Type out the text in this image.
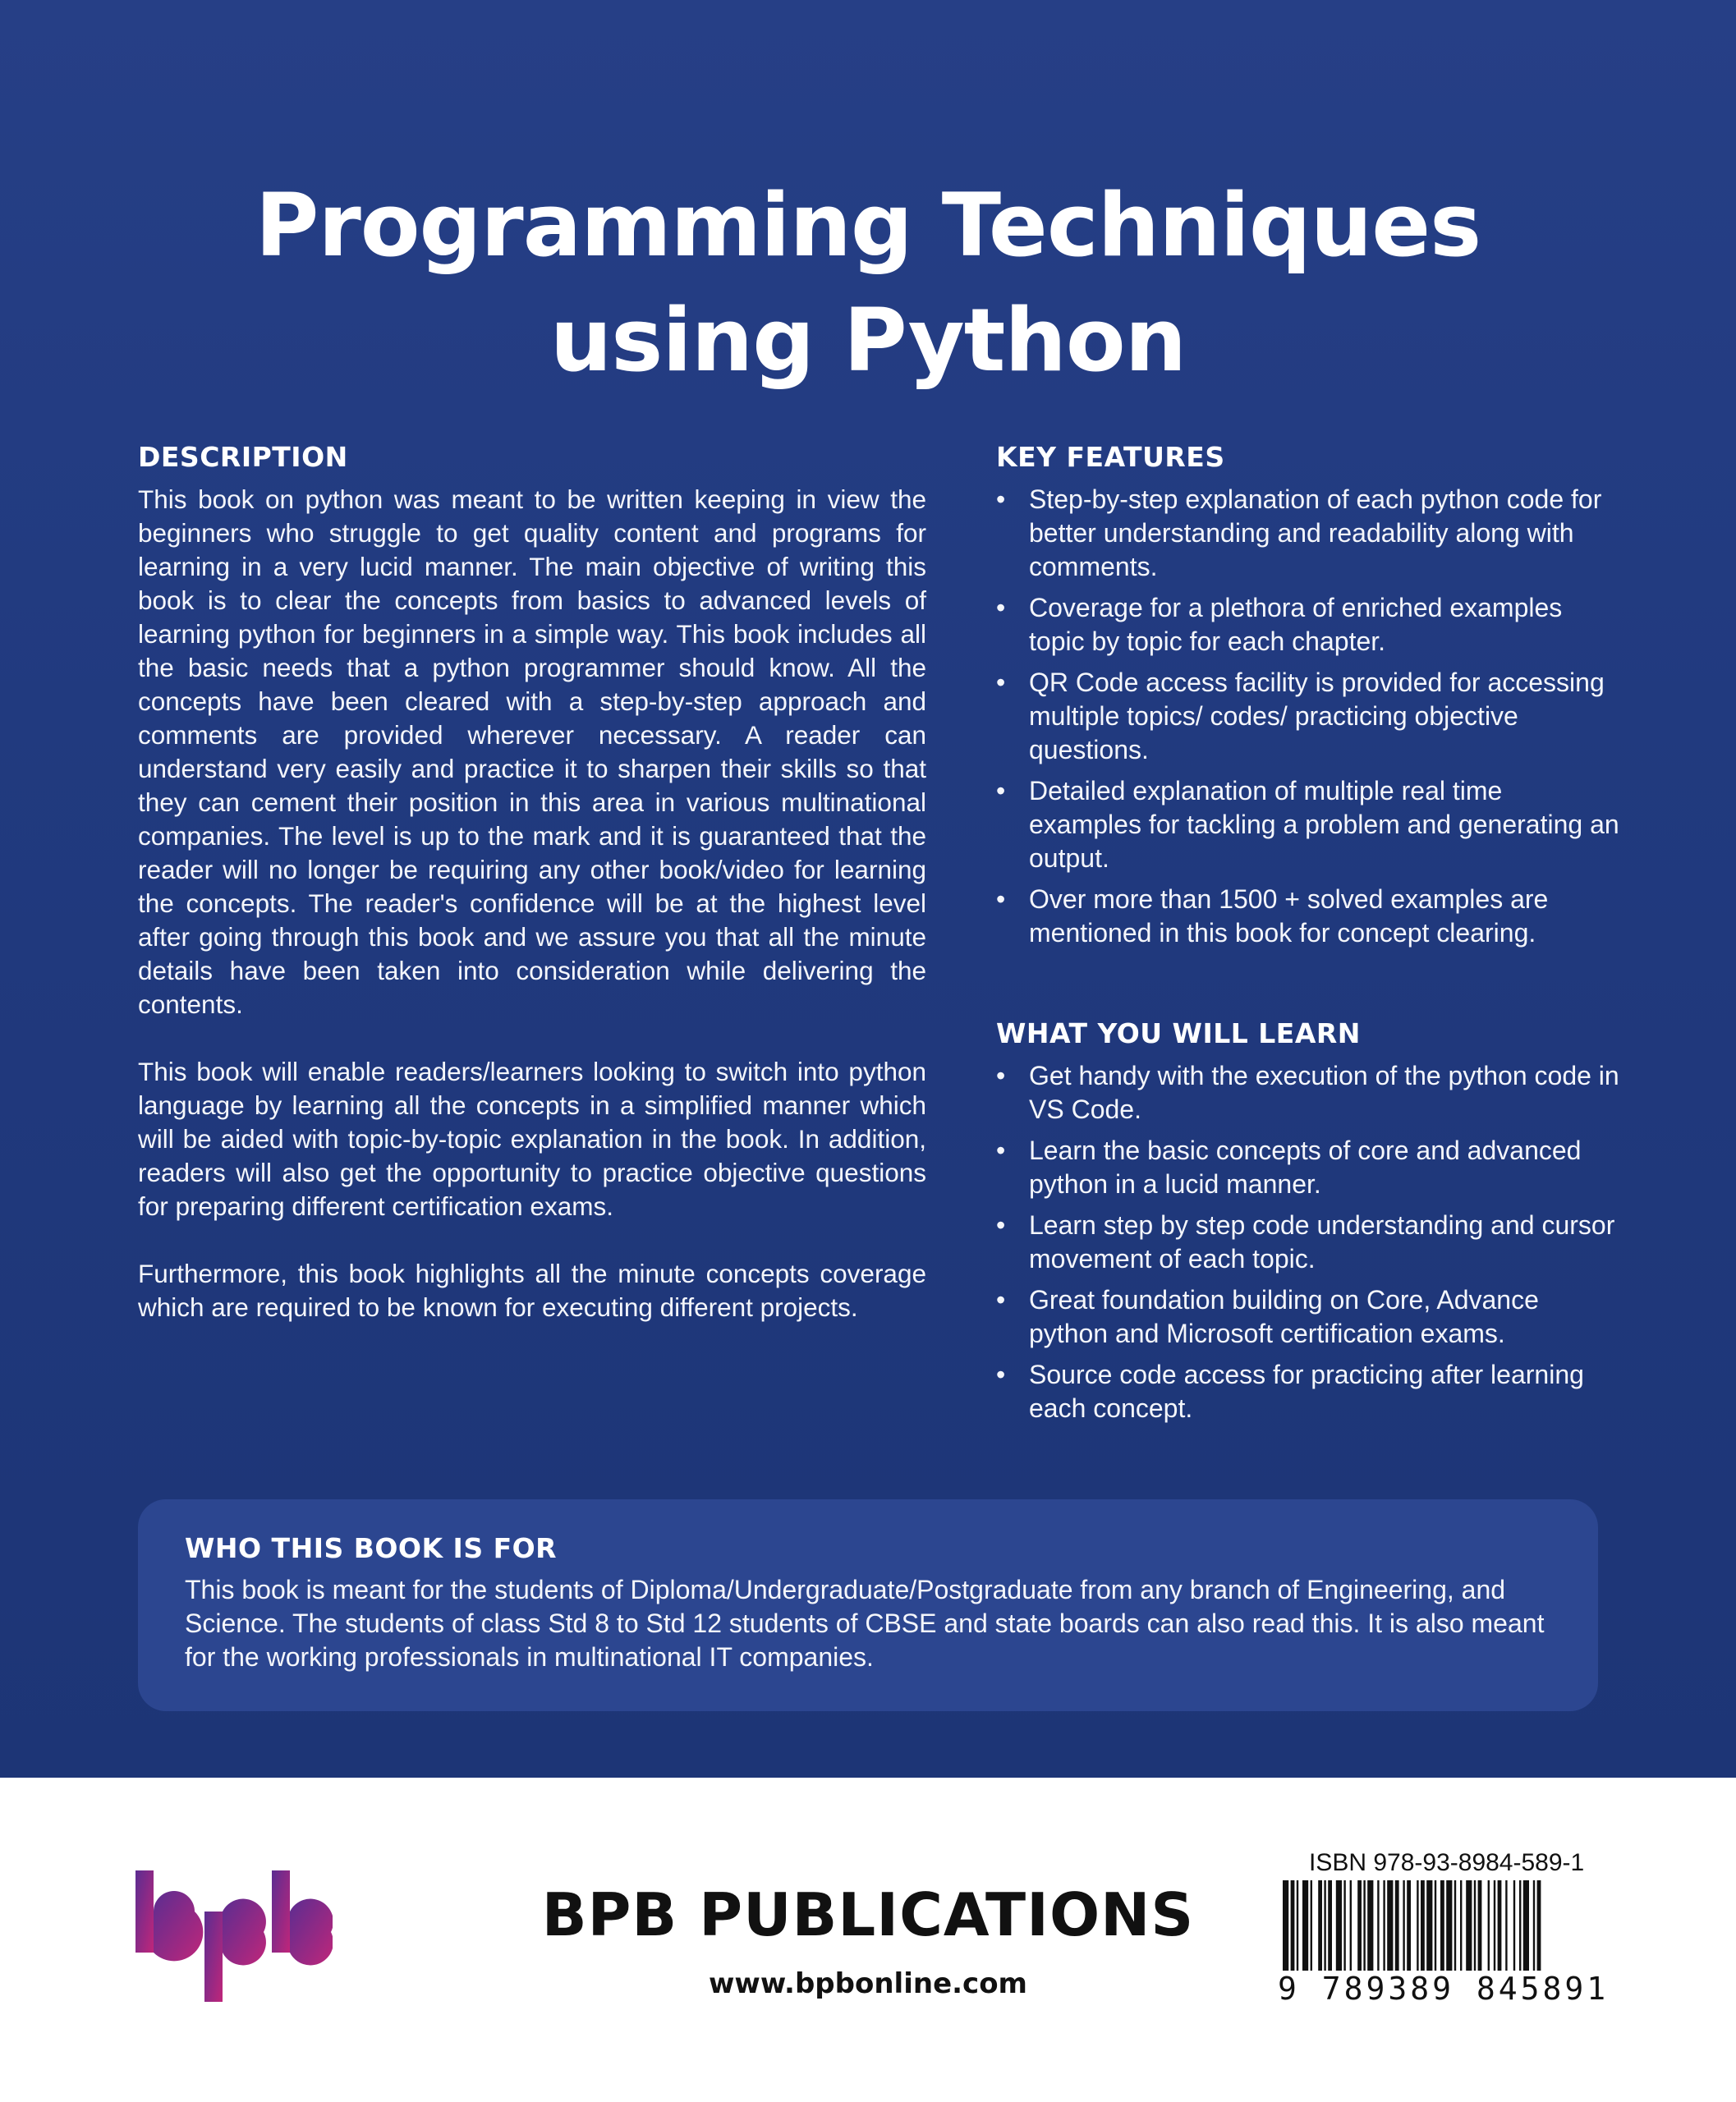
Programming Techniques
using Python
DESCRIPTION

This book on python was meant to be written keeping in view the beginners who struggle to get quality content and programs for learning in a very lucid manner. The main objective of writing this book is to clear the concepts from basics to advanced levels of learning python for beginners in a simple way. This book includes all the basic needs that a python programmer should know. All the concepts have been cleared with a step-by-step approach and comments are provided wherever necessary. A reader can understand very easily and practice it to sharpen their skills so that they can cement their position in this area in various multinational companies. The level is up to the mark and it is guaranteed that the reader will no longer be requiring any other book/video for learning the concepts. The reader's confidence will be at the highest level after going through this book and we assure you that all the minute details have been taken into consideration while delivering the contents.

This book will enable readers/learners looking to switch into python language by learning all the concepts in a simplified manner which will be aided with topic-by-topic explanation in the book. In addition, readers will also get the opportunity to practice objective questions for preparing different certification exams.

Furthermore, this book highlights all the minute concepts coverage which are required to be known for executing different projects.

KEY FEATURES
• Step-by-step explanation of each python code for better understanding and readability along with comments.
• Coverage for a plethora of enriched examples topic by topic for each chapter.
• QR Code access facility is provided for accessing multiple topics/ codes/ practicing objective questions.
• Detailed explanation of multiple real time examples for tackling a problem and generating an output.
• Over more than 1500 + solved examples are mentioned in this book for concept clearing.
WHAT YOU WILL LEARN
• Get handy with the execution of the python code in VS Code.
• Learn the basic concepts of core and advanced python in a lucid manner.
• Learn step by step code understanding and cursor movement of each topic.
• Great foundation building on Core, Advance python and Microsoft certification exams.
• Source code access for practicing after learning each concept.
WHO THIS BOOK IS FOR
This book is meant for the students of Diploma/Undergraduate/Postgraduate from any branch of Engineering, and Science. The students of class Std 8 to Std 12 students of CBSE and state boards can also read this. It is also meant for the working professionals in multinational IT companies.
BPB PUBLICATIONS
www.bpbonline.com
ISBN 978-93-8984-589-1
9 789389 845891
